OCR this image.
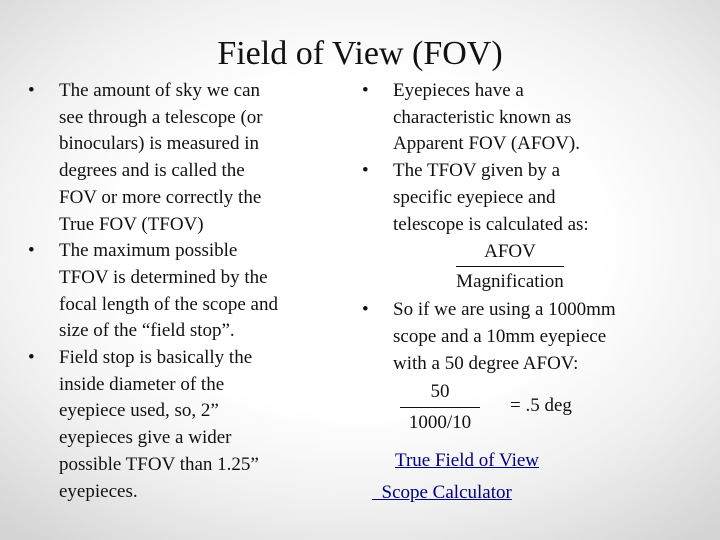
Field of View (FOV)
• The amount of sky we can
see through a telescope (or
binoculars) is measured in
degrees and is called the
FOV or more correctly the
True FOV (TFOV)
• The maximum possible
TFOV is determined by the
focal length of the scope and
size of the “field stop”.
• Field stop is basically the
inside diameter of the
eyepiece used, so, 2”
eyepieces give a wider
possible TFOV than 1.25”
eyepieces.
• Eyepieces have a
characteristic known as
Apparent FOV (AFOV).
• The TFOV given by a
specific eyepiece and
telescope is calculated as:
$\frac{\text{AFOV}}{\text{Magnification}}$
• So if we are using a 1000mm
scope and a 10mm eyepiece
with a 50 degree AFOV:
$\frac{50}{1000/10} = .5$ deg
True Field of View
Scope Calculator
